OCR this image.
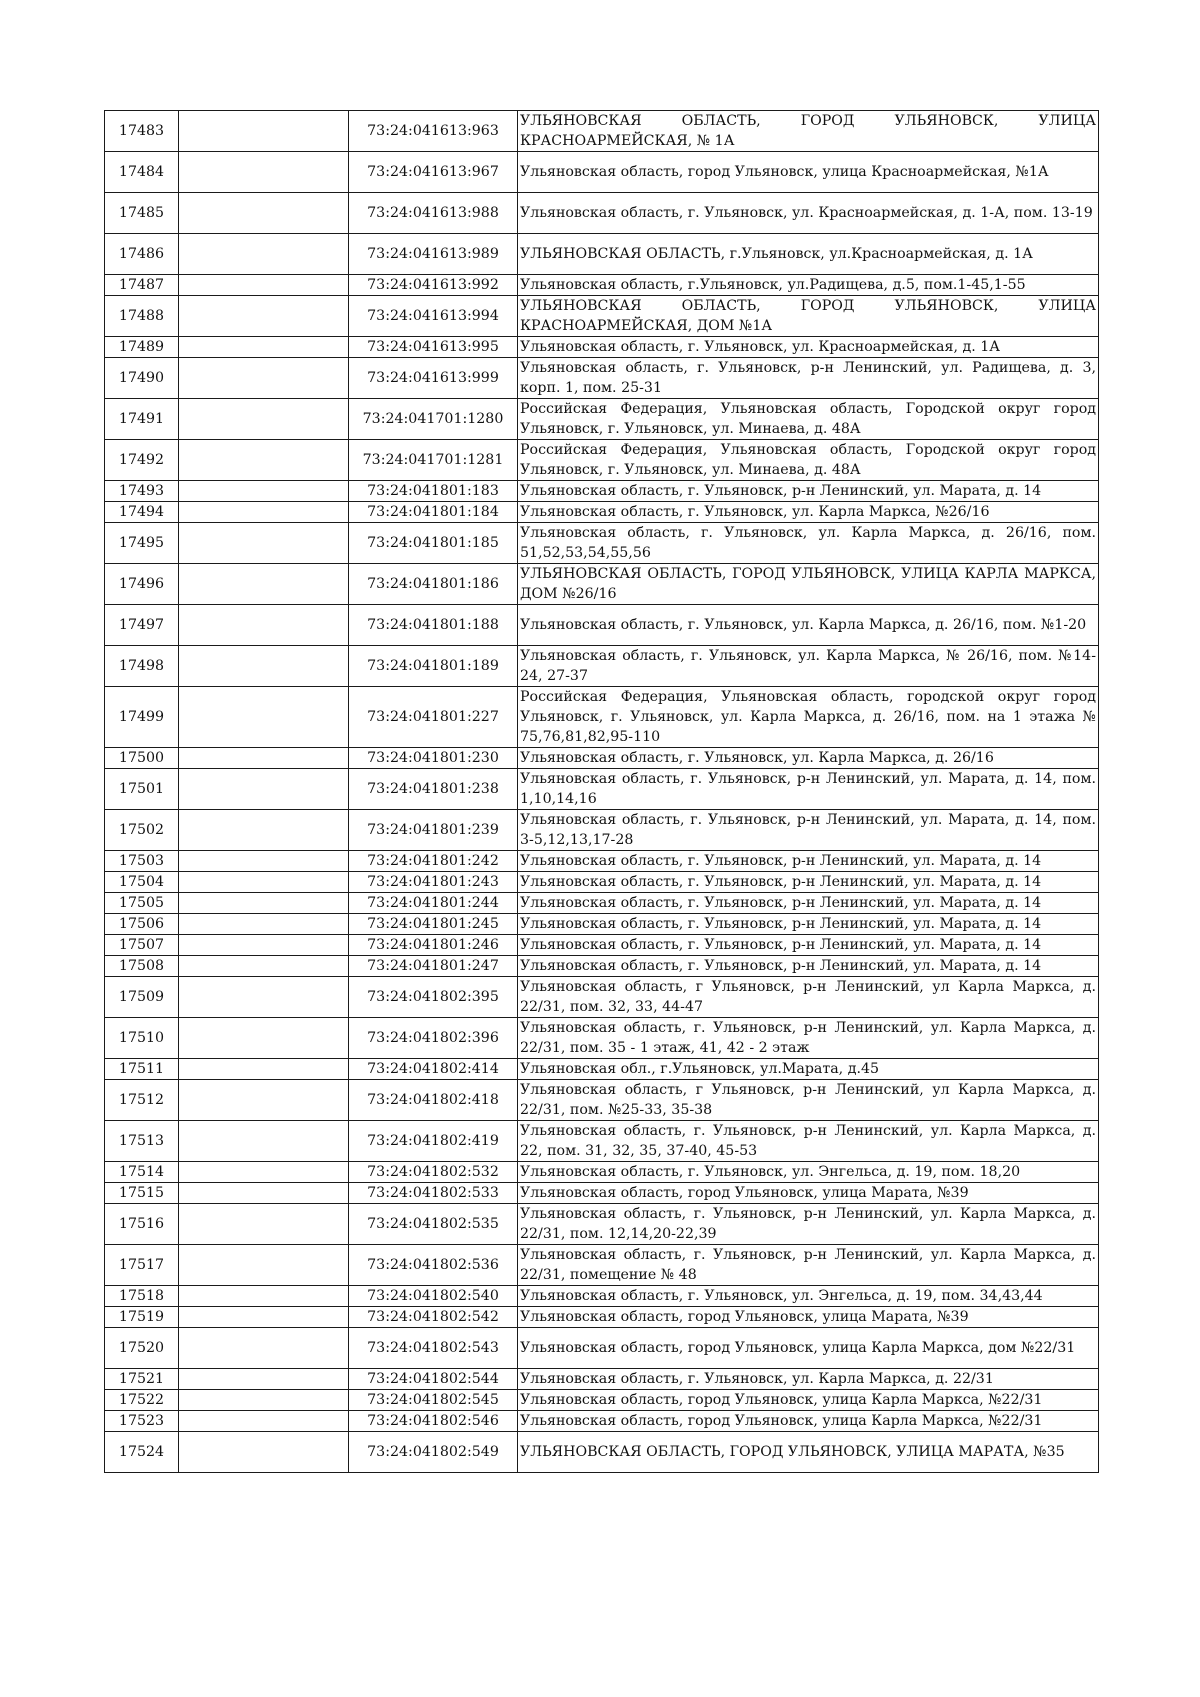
17483		73:24:041613:963	УЛЬЯНОВСКАЯ ОБЛАСТЬ, ГОРОД УЛЬЯНОВСК, УЛИЦА КРАСНОАРМЕЙСКАЯ, № 1А
17484		73:24:041613:967	Ульяновская область, город Ульяновск, улица Красноармейская, №1А
17485		73:24:041613:988	Ульяновская область, г. Ульяновск, ул. Красноармейская, д. 1-А, пом. 13-19
17486		73:24:041613:989	УЛЬЯНОВСКАЯ ОБЛАСТЬ, г.Ульяновск, ул.Красноармейская, д. 1А
17487		73:24:041613:992	Ульяновская область, г.Ульяновск, ул.Радищева, д.5, пом.1-45,1-55
17488		73:24:041613:994	УЛЬЯНОВСКАЯ ОБЛАСТЬ, ГОРОД УЛЬЯНОВСК, УЛИЦА КРАСНОАРМЕЙСКАЯ, ДОМ №1А
17489		73:24:041613:995	Ульяновская область, г. Ульяновск, ул. Красноармейская, д. 1А
17490		73:24:041613:999	Ульяновская область, г. Ульяновск, р-н Ленинский, ул. Радищева, д. 3, корп. 1, пом. 25-31
17491		73:24:041701:1280	Российская Федерация, Ульяновская область, Городской округ город Ульяновск, г. Ульяновск, ул. Минаева, д. 48А
17492		73:24:041701:1281	Российская Федерация, Ульяновская область, Городской округ город Ульяновск, г. Ульяновск, ул. Минаева, д. 48А
17493		73:24:041801:183	Ульяновская область, г. Ульяновск, р-н Ленинский, ул. Марата, д. 14
17494		73:24:041801:184	Ульяновская область, г. Ульяновск, ул. Карла Маркса, №26/16
17495		73:24:041801:185	Ульяновская область, г. Ульяновск, ул. Карла Маркса, д. 26/16, пом. 51,52,53,54,55,56
17496		73:24:041801:186	УЛЬЯНОВСКАЯ ОБЛАСТЬ, ГОРОД УЛЬЯНОВСК, УЛИЦА КАРЛА МАРКСА, ДОМ №26/16
17497		73:24:041801:188	Ульяновская область, г. Ульяновск, ул. Карла Маркса, д. 26/16, пом. №1-20
17498		73:24:041801:189	Ульяновская область, г. Ульяновск, ул. Карла Маркса, № 26/16, пом. №14-24, 27-37
17499		73:24:041801:227	Российская Федерация, Ульяновская область, городской округ город Ульяновск, г. Ульяновск, ул. Карла Маркса, д. 26/16, пом. на 1 этажа № 75,76,81,82,95-110
17500		73:24:041801:230	Ульяновская область, г. Ульяновск, ул. Карла Маркса, д. 26/16
17501		73:24:041801:238	Ульяновская область, г. Ульяновск, р-н Ленинский, ул. Марата, д. 14, пом. 1,10,14,16
17502		73:24:041801:239	Ульяновская область, г. Ульяновск, р-н Ленинский, ул. Марата, д. 14, пом. 3-5,12,13,17-28
17503		73:24:041801:242	Ульяновская область, г. Ульяновск, р-н Ленинский, ул. Марата, д. 14
17504		73:24:041801:243	Ульяновская область, г. Ульяновск, р-н Ленинский, ул. Марата, д. 14
17505		73:24:041801:244	Ульяновская область, г. Ульяновск, р-н Ленинский, ул. Марата, д. 14
17506		73:24:041801:245	Ульяновская область, г. Ульяновск, р-н Ленинский, ул. Марата, д. 14
17507		73:24:041801:246	Ульяновская область, г. Ульяновск, р-н Ленинский, ул. Марата, д. 14
17508		73:24:041801:247	Ульяновская область, г. Ульяновск, р-н Ленинский, ул. Марата, д. 14
17509		73:24:041802:395	Ульяновская область, г Ульяновск, р-н Ленинский, ул Карла Маркса, д. 22/31, пом. 32, 33, 44-47
17510		73:24:041802:396	Ульяновская область, г. Ульяновск, р-н Ленинский, ул. Карла Маркса, д. 22/31, пом. 35 - 1 этаж, 41, 42 - 2 этаж
17511		73:24:041802:414	Ульяновская обл., г.Ульяновск, ул.Марата, д.45
17512		73:24:041802:418	Ульяновская область, г Ульяновск, р-н Ленинский, ул Карла Маркса, д. 22/31, пом. №25-33, 35-38
17513		73:24:041802:419	Ульяновская область, г. Ульяновск, р-н Ленинский, ул. Карла Маркса, д. 22, пом. 31, 32, 35, 37-40, 45-53
17514		73:24:041802:532	Ульяновская область, г. Ульяновск, ул. Энгельса, д. 19, пом. 18,20
17515		73:24:041802:533	Ульяновская область, город Ульяновск, улица Марата, №39
17516		73:24:041802:535	Ульяновская область, г. Ульяновск, р-н Ленинский, ул. Карла Маркса, д. 22/31, пом. 12,14,20-22,39
17517		73:24:041802:536	Ульяновская область, г. Ульяновск, р-н Ленинский, ул. Карла Маркса, д. 22/31, помещение № 48
17518		73:24:041802:540	Ульяновская область, г. Ульяновск, ул. Энгельса, д. 19, пом. 34,43,44
17519		73:24:041802:542	Ульяновская область, город Ульяновск, улица Марата, №39
17520		73:24:041802:543	Ульяновская область, город Ульяновск, улица Карла Маркса, дом №22/31
17521		73:24:041802:544	Ульяновская область, г. Ульяновск, ул. Карла Маркса, д. 22/31
17522		73:24:041802:545	Ульяновская область, город Ульяновск, улица Карла Маркса, №22/31
17523		73:24:041802:546	Ульяновская область, город Ульяновск, улица Карла Маркса, №22/31
17524		73:24:041802:549	УЛЬЯНОВСКАЯ ОБЛАСТЬ, ГОРОД УЛЬЯНОВСК, УЛИЦА МАРАТА, №35
